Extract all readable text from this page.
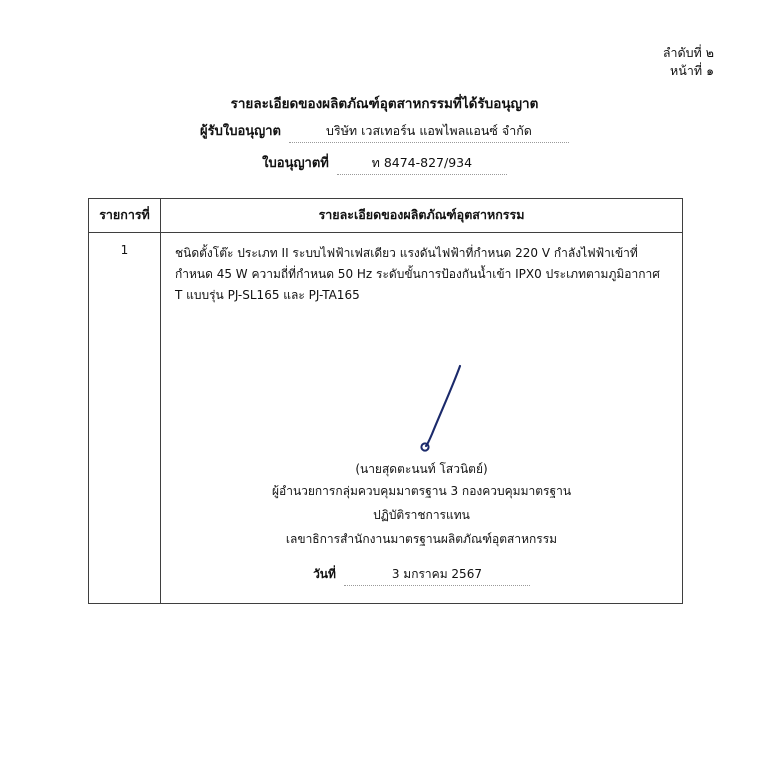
ลำดับที่ ๒
หน้าที่ ๑
รายละเอียดของผลิตภัณฑ์อุตสาหกรรมที่ได้รับอนุญาต
ผู้รับใบอนุญาต	บริษัท เวสเทอร์น แอพไพลแอนซ์ จำกัด
ใบอนุญาตที่	ท 8474-827/934
รายการที่	รายละเอียดของผลิตภัณฑ์อุตสาหกรรม
1	ชนิดตั้งโต๊ะ ประเภท II ระบบไฟฟ้าเฟสเดียว แรงดันไฟฟ้าที่กำหนด 220 V กำลังไฟฟ้าเข้าที่กำหนด 45 W ความถี่ที่กำหนด 50 Hz ระดับขั้นการป้องกันน้ำเข้า IPX0 ประเภทตามภูมิอากาศ T แบบรุ่น PJ-SL165 และ PJ-TA165
(นายสุดตะนนท์ โสวนิตย์)
ผู้อำนวยการกลุ่มควบคุมมาตรฐาน 3 กองควบคุมมาตรฐาน
ปฏิบัติราชการแทน
เลขาธิการสำนักงานมาตรฐานผลิตภัณฑ์อุตสาหกรรม
วันที่	3 มกราคม 2567
